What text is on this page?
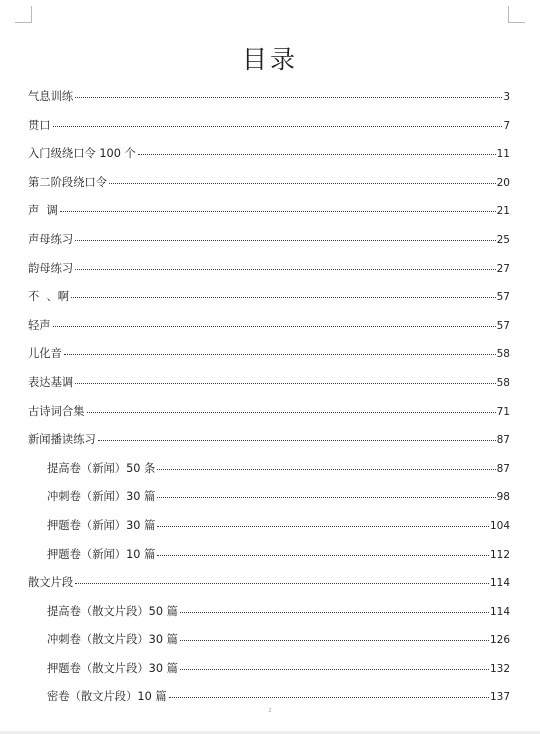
目录
气息训练	3
贯口	7
入门级绕口令 100 个	11
第二阶段绕口令	20
声  调	21
声母练习	25
韵母练习	27
不  、啊	57
轻声	57
儿化音	58
表达基调	58
古诗词合集	71
新闻播读练习	87
提高卷（新闻）50 条	87
冲刺卷（新闻）30 篇	98
押题卷（新闻）30 篇	104
押题卷（新闻）10 篇	112
散文片段	114
提高卷（散文片段）50 篇	114
冲刺卷（散文片段）30 篇	126
押题卷（散文片段）30 篇	132
密卷（散文片段）10 篇	137
2
